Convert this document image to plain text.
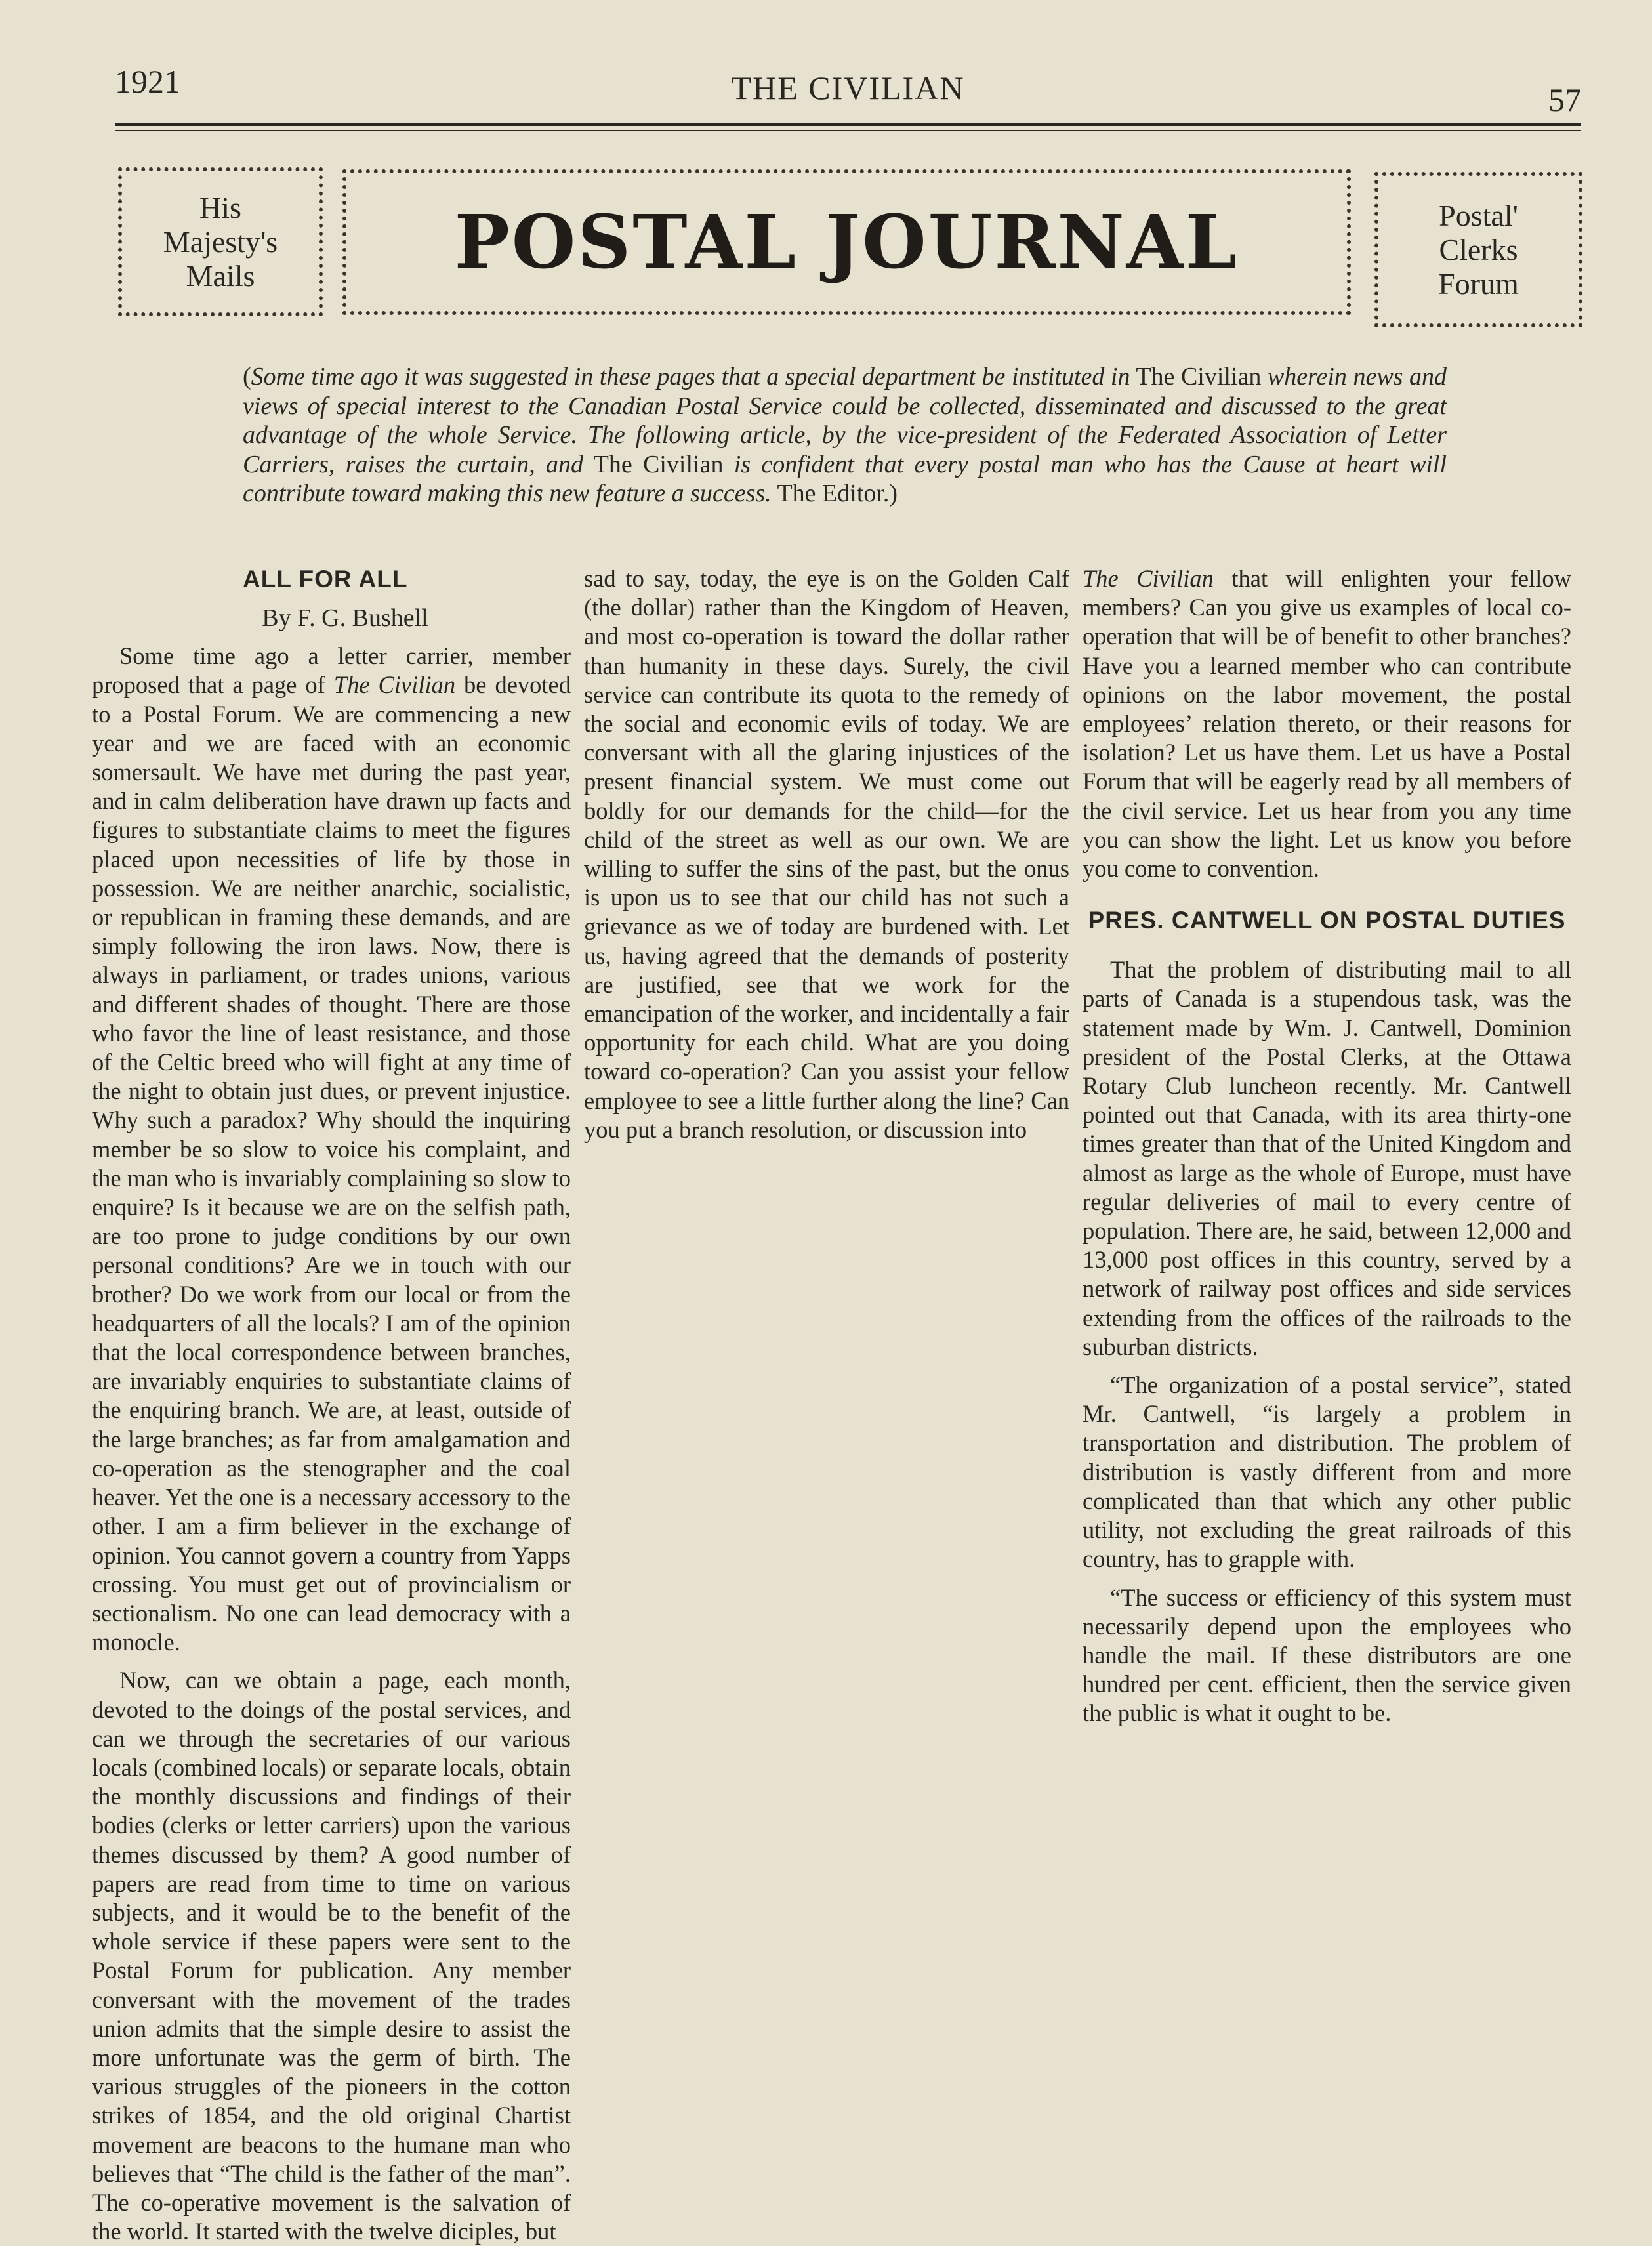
1921	THE CIVILIAN	57
His
Majesty's
Mails	POSTAL JOURNAL	Postal'
Clerks
Forum
(Some time ago it was suggested in these pages that a special department be instituted in The Civilian wherein news and views of special interest to the Canadian Postal Service could be collected, disseminated and discussed to the great advantage of the whole Service. The following article, by the vice-president of the Federated Association of Letter Carriers, raises the curtain, and The Civilian is confident that every postal man who has the Cause at heart will contribute toward making this new feature a success. The Editor.)
ALL FOR ALL

By F. G. Bushell

Some time ago a letter carrier, member proposed that a page of The Civilian be devoted to a Postal Forum. We are commencing a new year and we are faced with an economic somersault. We have met during the past year, and in calm deliberation have drawn up facts and figures to substantiate claims to meet the figures placed upon necessities of life by those in possession. We are neither anarchic, socialistic, or republican in framing these demands, and are simply following the iron laws. Now, there is always in parliament, or trades unions, various and different shades of thought. There are those who favor the line of least resistance, and those of the Celtic breed who will fight at any time of the night to obtain just dues, or prevent injustice. Why such a paradox? Why should the inquiring member be so slow to voice his complaint, and the man who is invariably complaining so slow to enquire? Is it because we are on the selfish path, are too prone to judge conditions by our own personal conditions? Are we in touch with our brother? Do we work from our local or from the headquarters of all the locals? I am of the opinion that the local correspondence between branches, are invariably enquiries to substantiate claims of the enquiring branch. We are, at least, outside of the large branches; as far from amalgamation and co-operation as the stenographer and the coal heaver. Yet the one is a necessary accessory to the other. I am a firm believer in the exchange of opinion. You cannot govern a country from Yapps crossing. You must get out of provincialism or sectionalism. No one can lead democracy with a monocle.

Now, can we obtain a page, each month, devoted to the doings of the postal services, and can we through the secretaries of our various locals (combined locals) or separate locals, obtain the monthly discussions and findings of their bodies (clerks or letter carriers) upon the various themes discussed by them? A good number of papers are read from time to time on various subjects, and it would be to the benefit of the whole service if these papers were sent to the Postal Forum for publication. Any member conversant with the movement of the trades union admits that the simple desire to assist the more unfortunate was the germ of birth. The various struggles of the pioneers in the cotton strikes of 1854, and the old original Chartist movement are beacons to the humane man who believes that “The child is the father of the man”. The co-operative movement is the salvation of the world. It started with the twelve diciples, but

sad to say, today, the eye is on the Golden Calf (the dollar) rather than the Kingdom of Heaven, and most co-operation is toward the dollar rather than humanity in these days. Surely, the civil service can contribute its quota to the remedy of the social and economic evils of today. We are conversant with all the glaring injustices of the present financial system. We must come out boldly for our demands for the child—for the child of the street as well as our own. We are willing to suffer the sins of the past, but the onus is upon us to see that our child has not such a grievance as we of today are burdened with. Let us, having agreed that the demands of posterity are justified, see that we work for the emancipation of the worker, and incidentally a fair opportunity for each child. What are you doing toward co-operation? Can you assist your fellow employee to see a little further along the line? Can you put a branch resolution, or discussion into

The Civilian that will enlighten your fellow members? Can you give us examples of local co-operation that will be of benefit to other branches? Have you a learned member who can contribute opinions on the labor movement, the postal employees’ relation thereto, or their reasons for isolation? Let us have them. Let us have a Postal Forum that will be eagerly read by all members of the civil service. Let us hear from you any time you can show the light. Let us know you before you come to convention.

PRES. CANTWELL ON POSTAL DUTIES

That the problem of distributing mail to all parts of Canada is a stupendous task, was the statement made by Wm. J. Cantwell, Dominion president of the Postal Clerks, at the Ottawa Rotary Club luncheon recently. Mr. Cantwell pointed out that Canada, with its area thirty-one times greater than that of the United Kingdom and almost as large as the whole of Europe, must have regular deliveries of mail to every centre of population. There are, he said, between 12,000 and 13,000 post offices in this country, served by a network of railway post offices and side services extending from the offices of the railroads to the suburban districts.

“The organization of a postal service”, stated Mr. Cantwell, “is largely a problem in transportation and distribution. The problem of distribution is vastly different from and more complicated than that which any other public utility, not excluding the great railroads of this country, has to grapple with.

“The success or efficiency of this system must necessarily depend upon the employees who handle the mail. If these distributors are one hundred per cent. efficient, then the service given the public is what it ought to be.
